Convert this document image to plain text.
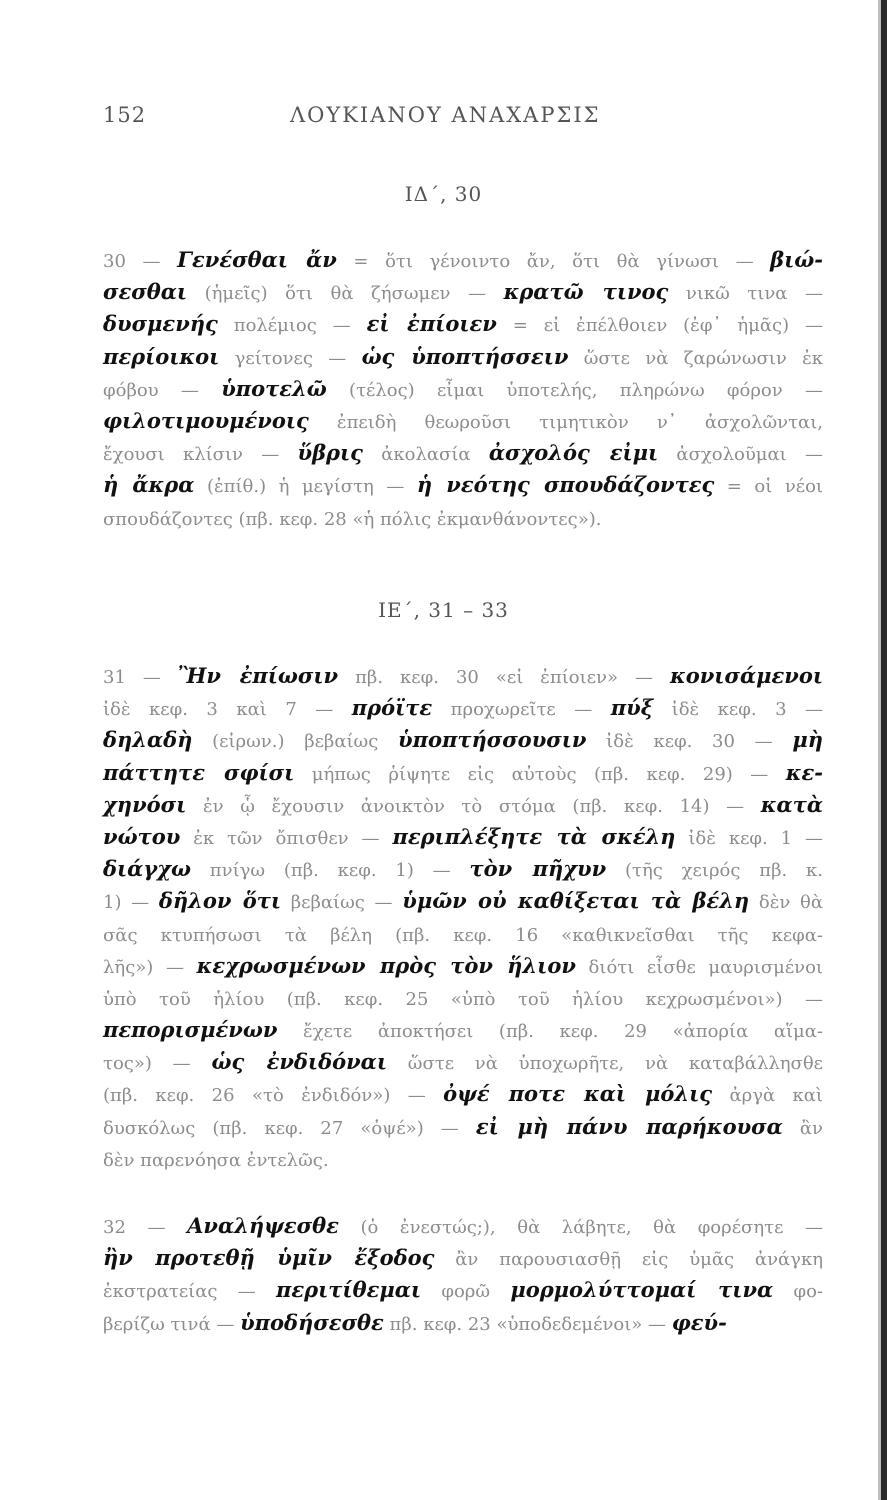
152	ΛΟΥΚΙΑΝΟΥ ΑΝΑΧΑΡΣΙΣ
ΙΔ΄, 30
30 — Γενέσθαι ἄν = ὅτι γένοιντο ἄν, ὅτι θὰ γίνωσι — βιώ-
σεσθαι (ἡμεῖς) ὅτι θὰ ζήσωμεν — κρατῶ τινος νικῶ τινα —
δυσμενής πολέμιος — εἰ ἐπίοιεν = εἰ ἐπέλθοιεν (ἐφ᾽ ἡμᾶς) —
περίοικοι γείτονες — ὡς ὑποπτήσσειν ὥστε νὰ ζαρώνωσιν ἐκ
φόβου — ὑποτελῶ (τέλος) εἶμαι ὑποτελής, πληρώνω φόρον —
φιλοτιμουμένοις ἐπειδὴ θεωροῦσι τιμητικὸν ν᾽ ἀσχολῶνται,
ἔχουσι κλίσιν — ὕβρις ἀκολασία ἀσχολός εἰμι ἀσχολοῦμαι —
ἡ ἄκρα (ἐπίθ.) ἡ μεγίστη — ἡ νεότης σπουδάζοντες = οἱ νέοι
σπουδάζοντες (πβ. κεφ. 28 «ἡ πόλις ἐκμανθάνοντες»).
ΙΕ΄, 31 – 33
31 — Ἢν ἐπίωσιν πβ. κεφ. 30 «εἰ ἐπίοιεν» — κονισάμενοι
ἰδὲ κεφ. 3 καὶ 7 — πρόϊτε προχωρεῖτε — πύξ ἰδὲ κεφ. 3 —
δηλαδὴ (εἰρων.) βεβαίως ὑποπτήσσουσιν ἰδὲ κεφ. 30 — μὴ
πάττητε σφίσι μήπως ῥίψητε εἰς αὐτοὺς (πβ. κεφ. 29) — κε-
χηνόσι ἐν ᾧ ἔχουσιν ἀνοικτὸν τὸ στόμα (πβ. κεφ. 14) — κατὰ
νώτου ἐκ τῶν ὄπισθεν — περιπλέξητε τὰ σκέλη ἰδὲ κεφ. 1 —
διάγχω πνίγω (πβ. κεφ. 1) — τὸν πῆχυν (τῆς χειρός πβ. κ.
1) — δῆλον ὅτι βεβαίως — ὑμῶν οὐ καθίξεται τὰ βέλη δὲν θὰ
σᾶς κτυπήσωσι τὰ βέλη (πβ. κεφ. 16 «καθικνεῖσθαι τῆς κεφα-
λῆς») — κεχρωσμένων πρὸς τὸν ἥλιον διότι εἶσθε μαυρισμένοι
ὑπὸ τοῦ ἡλίου (πβ. κεφ. 25 «ὑπὸ τοῦ ἡλίου κεχρωσμένοι») —
πεπορισμένων ἔχετε ἀποκτήσει (πβ. κεφ. 29 «ἀπορία αἵμα-
τος») — ὡς ἐνδιδόναι ὥστε νὰ ὑποχωρῆτε, νὰ καταβάλλησθε
(πβ. κεφ. 26 «τὸ ἐνδιδόν») — ὀψέ ποτε καὶ μόλις ἀργὰ καὶ
δυσκόλως (πβ. κεφ. 27 «ὀψέ») — εἰ μὴ πάνυ παρήκουσα ἂν
δὲν παρενόησα ἐντελῶς.
32 — Αναλήψεσθε (ὁ ἐνεστώς;), θὰ λάβητε, θὰ φορέσητε —
ἢν προτεθῇ ὑμῖν ἔξοδος ἂν παρουσιασθῇ εἰς ὑμᾶς ἀνάγκη
ἐκστρατείας — περιτίθεμαι φορῶ μορμολύττομαί τινα φο-
βερίζω τινά — ὑποδήσεσθε πβ. κεφ. 23 «ὑποδεδεμένοι» — φεύ-
